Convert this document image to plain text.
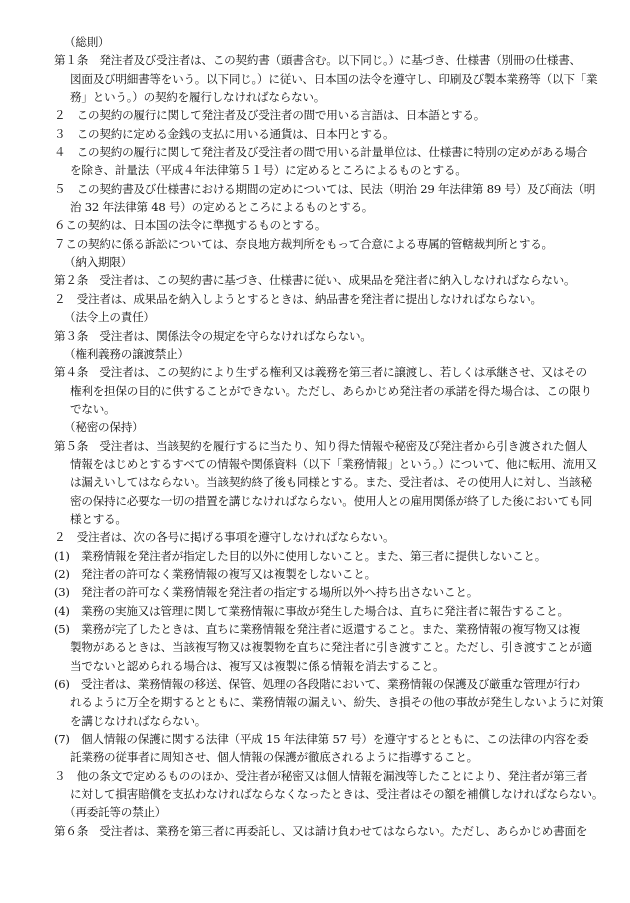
（総則）
第１条　発注者及び受注者は、この契約書（頭書含む。以下同じ。）に基づき、仕様書（別冊の仕様書、
図面及び明細書等をいう。以下同じ。）に従い、日本国の法令を遵守し、印刷及び製本業務等（以下「業
務」という。）の契約を履行しなければならない。
２　この契約の履行に関して発注者及び受注者の間で用いる言語は、日本語とする。
３　この契約に定める金銭の支払に用いる通貨は、日本円とする。
４　この契約の履行に関して発注者及び受注者の間で用いる計量単位は、仕様書に特別の定めがある場合
を除き、計量法（平成４年法律第５１号）に定めるところによるものとする。
５　この契約書及び仕様書における期間の定めについては、民法（明治 29 年法律第 89 号）及び商法（明
治 32 年法律第 48 号）の定めるところによるものとする。
６この契約は、日本国の法令に準拠するものとする。
７この契約に係る訴訟については、奈良地方裁判所をもって合意による専属的管轄裁判所とする。
（納入期限）
第２条　受注者は、この契約書に基づき、仕様書に従い、成果品を発注者に納入しなければならない。
２　受注者は、成果品を納入しようとするときは、納品書を発注者に提出しなければならない。
（法令上の責任）
第３条　受注者は、関係法令の規定を守らなければならない。
（権利義務の譲渡禁止）
第４条　受注者は、この契約により生ずる権利又は義務を第三者に譲渡し、若しくは承継させ、又はその
権利を担保の目的に供することができない。ただし、あらかじめ発注者の承諾を得た場合は、この限り
でない。
（秘密の保持）
第５条　受注者は、当該契約を履行するに当たり、知り得た情報や秘密及び発注者から引き渡された個人
情報をはじめとするすべての情報や関係資料（以下「業務情報」という。）について、他に転用、流用又
は漏えいしてはならない。当該契約終了後も同様とする。また、受注者は、その使用人に対し、当該秘
密の保持に必要な一切の措置を講じなければならない。使用人との雇用関係が終了した後においても同
様とする。
２　受注者は、次の各号に掲げる事項を遵守しなければならない。
(1)　業務情報を発注者が指定した目的以外に使用しないこと。また、第三者に提供しないこと。
(2)　発注者の許可なく業務情報の複写又は複製をしないこと。
(3)　発注者の許可なく業務情報を発注者の指定する場所以外へ持ち出さないこと。
(4)　業務の実施又は管理に関して業務情報に事故が発生した場合は、直ちに発注者に報告すること。
(5)　業務が完了したときは、直ちに業務情報を発注者に返還すること。また、業務情報の複写物又は複
製物があるときは、当該複写物又は複製物を直ちに発注者に引き渡すこと。ただし、引き渡すことが適
当でないと認められる場合は、複写又は複製に係る情報を消去すること。
(6)　受注者は、業務情報の移送、保管、処理の各段階において、業務情報の保護及び厳重な管理が行わ
れるように万全を期するとともに、業務情報の漏えい、紛失、き損その他の事故が発生しないように対策
を講じなければならない。
(7)　個人情報の保護に関する法律（平成 15 年法律第 57 号）を遵守するとともに、この法律の内容を委
託業務の従事者に周知させ、個人情報の保護が徹底されるように指導すること。
３　他の条文で定めるもののほか、受注者が秘密又は個人情報を漏洩等したことにより、発注者が第三者
に対して損害賠償を支払わなければならなくなったときは、受注者はその額を補償しなければならない。
（再委託等の禁止）
第６条　受注者は、業務を第三者に再委託し、又は請け負わせてはならない。ただし、あらかじめ書面を
